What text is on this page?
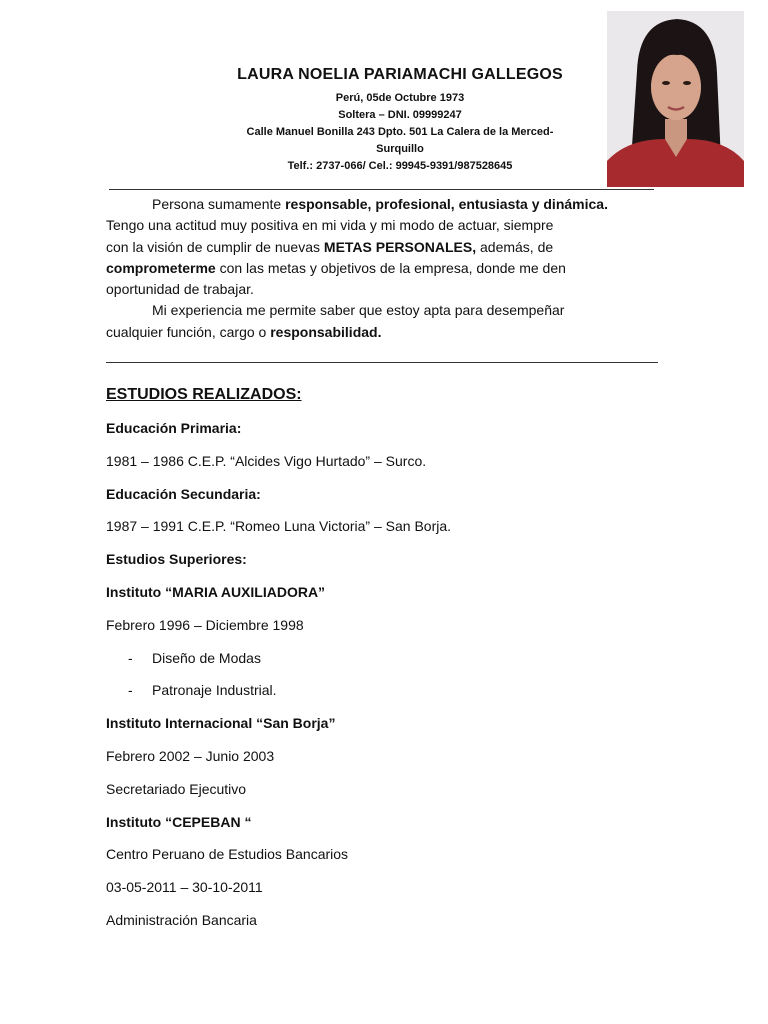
LAURA NOELIA PARIAMACHI GALLEGOS
Perú, 05de Octubre 1973
Soltera – DNI. 09999247
Calle Manuel Bonilla 243 Dpto. 501 La Calera de la Merced-
Surquillo
Telf.: 2737-066/ Cel.: 99945-9391/987528645

Persona sumamente responsable, profesional, entusiasta y dinámica.

Tengo una actitud muy positiva en mi vida y mi modo de actuar, siempre

con la visión de cumplir de nuevas METAS PERSONALES, además, de

comprometerme con las metas y objetivos de la empresa, donde me den

oportunidad de trabajar.

Mi experiencia me permite saber que estoy apta para desempeñar

cualquier función, cargo o responsabilidad.

ESTUDIOS REALIZADOS:
Educación Primaria:
1981 – 1986 C.E.P. “Alcides Vigo Hurtado” – Surco.
Educación Secundaria:
1987 – 1991 C.E.P. “Romeo Luna Victoria” – San Borja.
Estudios Superiores:
Instituto “MARIA AUXILIADORA”
Febrero 1996 – Diciembre 1998
-	Diseño de Modas
-	Patronaje Industrial.
Instituto Internacional “San Borja”
Febrero 2002 – Junio 2003
Secretariado Ejecutivo
Instituto “CEPEBAN “
Centro Peruano de Estudios Bancarios
03-05-2011 – 30-10-2011
Administración Bancaria
